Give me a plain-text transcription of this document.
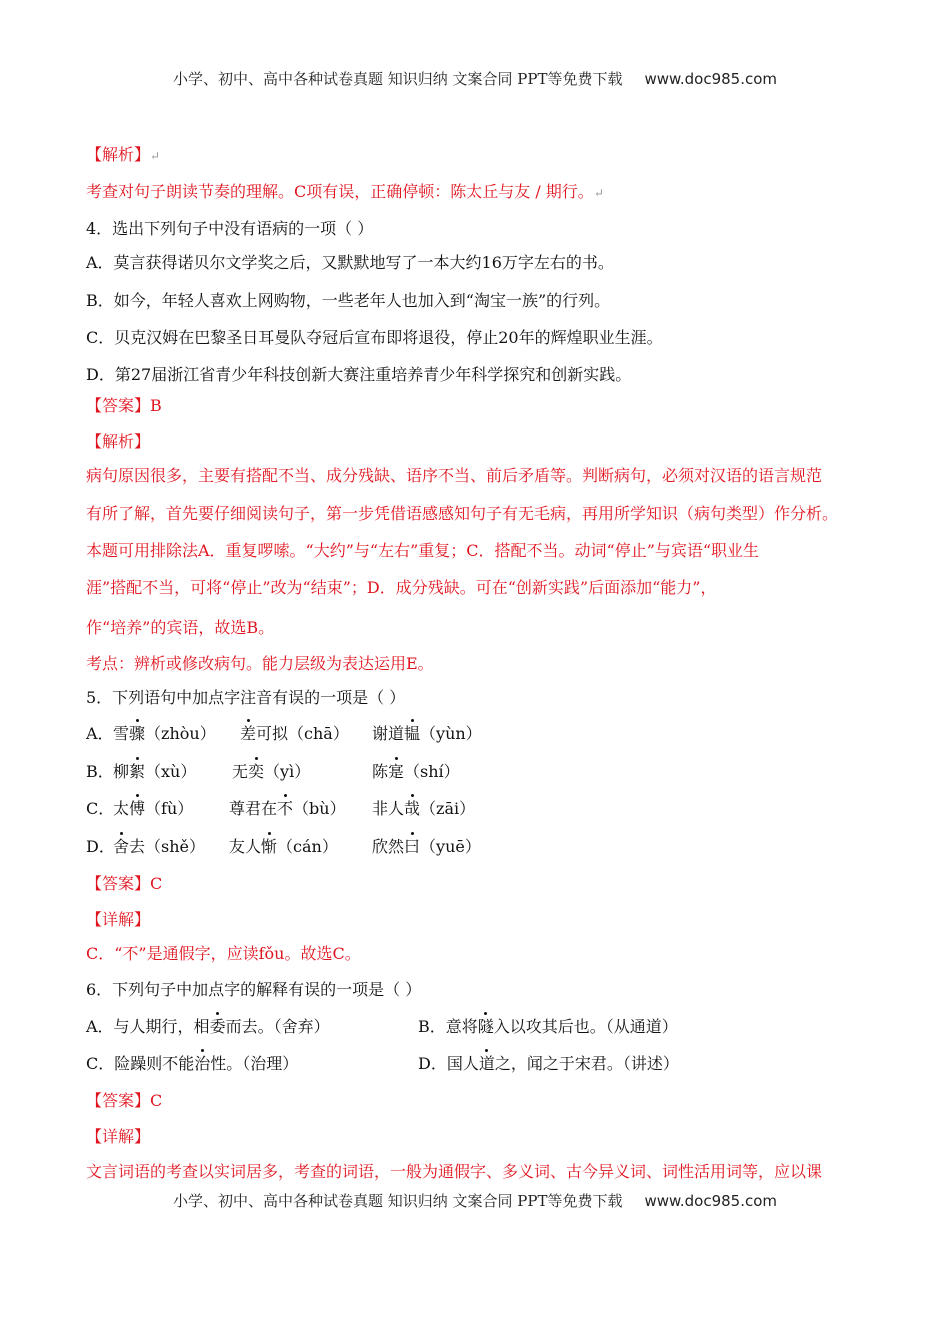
小学、初中、高中各种试卷真题 知识归纳 文案合同 PPT等免费下载 www.doc985.com
【解析】↵
考查对句子朗读节奏的理解。C项有误，正确停顿：陈太丘与友 / 期行。↵
4．选出下列句子中没有语病的一项（ ）
A．莫言获得诺贝尔文学奖之后，又默默地写了一本大约16万字左右的书。
B．如今，年轻人喜欢上网购物，一些老年人也加入到“淘宝一族”的行列。
C．贝克汉姆在巴黎圣日耳曼队夺冠后宣布即将退役，停止20年的辉煌职业生涯。
D．第27届浙江省青少年科技创新大赛注重培养青少年科学探究和创新实践。
【答案】B
【解析】
病句原因很多，主要有搭配不当、成分残缺、语序不当、前后矛盾等。判断病句，必须对汉语的语言规范
有所了解，首先要仔细阅读句子，第一步凭借语感感知句子有无毛病，再用所学知识（病句类型）作分析。
本题可用排除法A．重复啰嗦。“大约”与“左右”重复；C．搭配不当。动词“停止”与宾语“职业生
涯”搭配不当，可将“停止”改为“结束”；D．成分残缺。可在“创新实践”后面添加“能力”，
作“培养”的宾语，故选B。
考点：辨析或修改病句。能力层级为表达运用E。
5．下列语句中加点字注音有误的一项是（ ）
A． 雪骤（zhòu） 差可拟（chā） 谢道韫（yùn）
B． 柳絮（xù） 无奕（yì）	陈寔（shí）
C．
太傅（fù） 尊君在不（bù） 非人哉（zāi）
D．
舍去（shě） 友人惭（cán） 欣然曰（yuē）
【答案】C
【详解】
C．“不”是通假字，应读fǒu。故选C。
6．下列句子中加点字的解释有误的一项是（ ）
A．与人期行，相委而去。（舍弃）	B．意将隧入以攻其后也。（从通道）
C．险躁则不能治性。（治理）	D．国人道之，闻之于宋君。（讲述）
【答案】C
【详解】
文言词语的考查以实词居多，考查的词语，一般为通假字、多义词、古今异义词、词性活用词等，应以课
小学、初中、高中各种试卷真题 知识归纳 文案合同 PPT等免费下载 www.doc985.com
